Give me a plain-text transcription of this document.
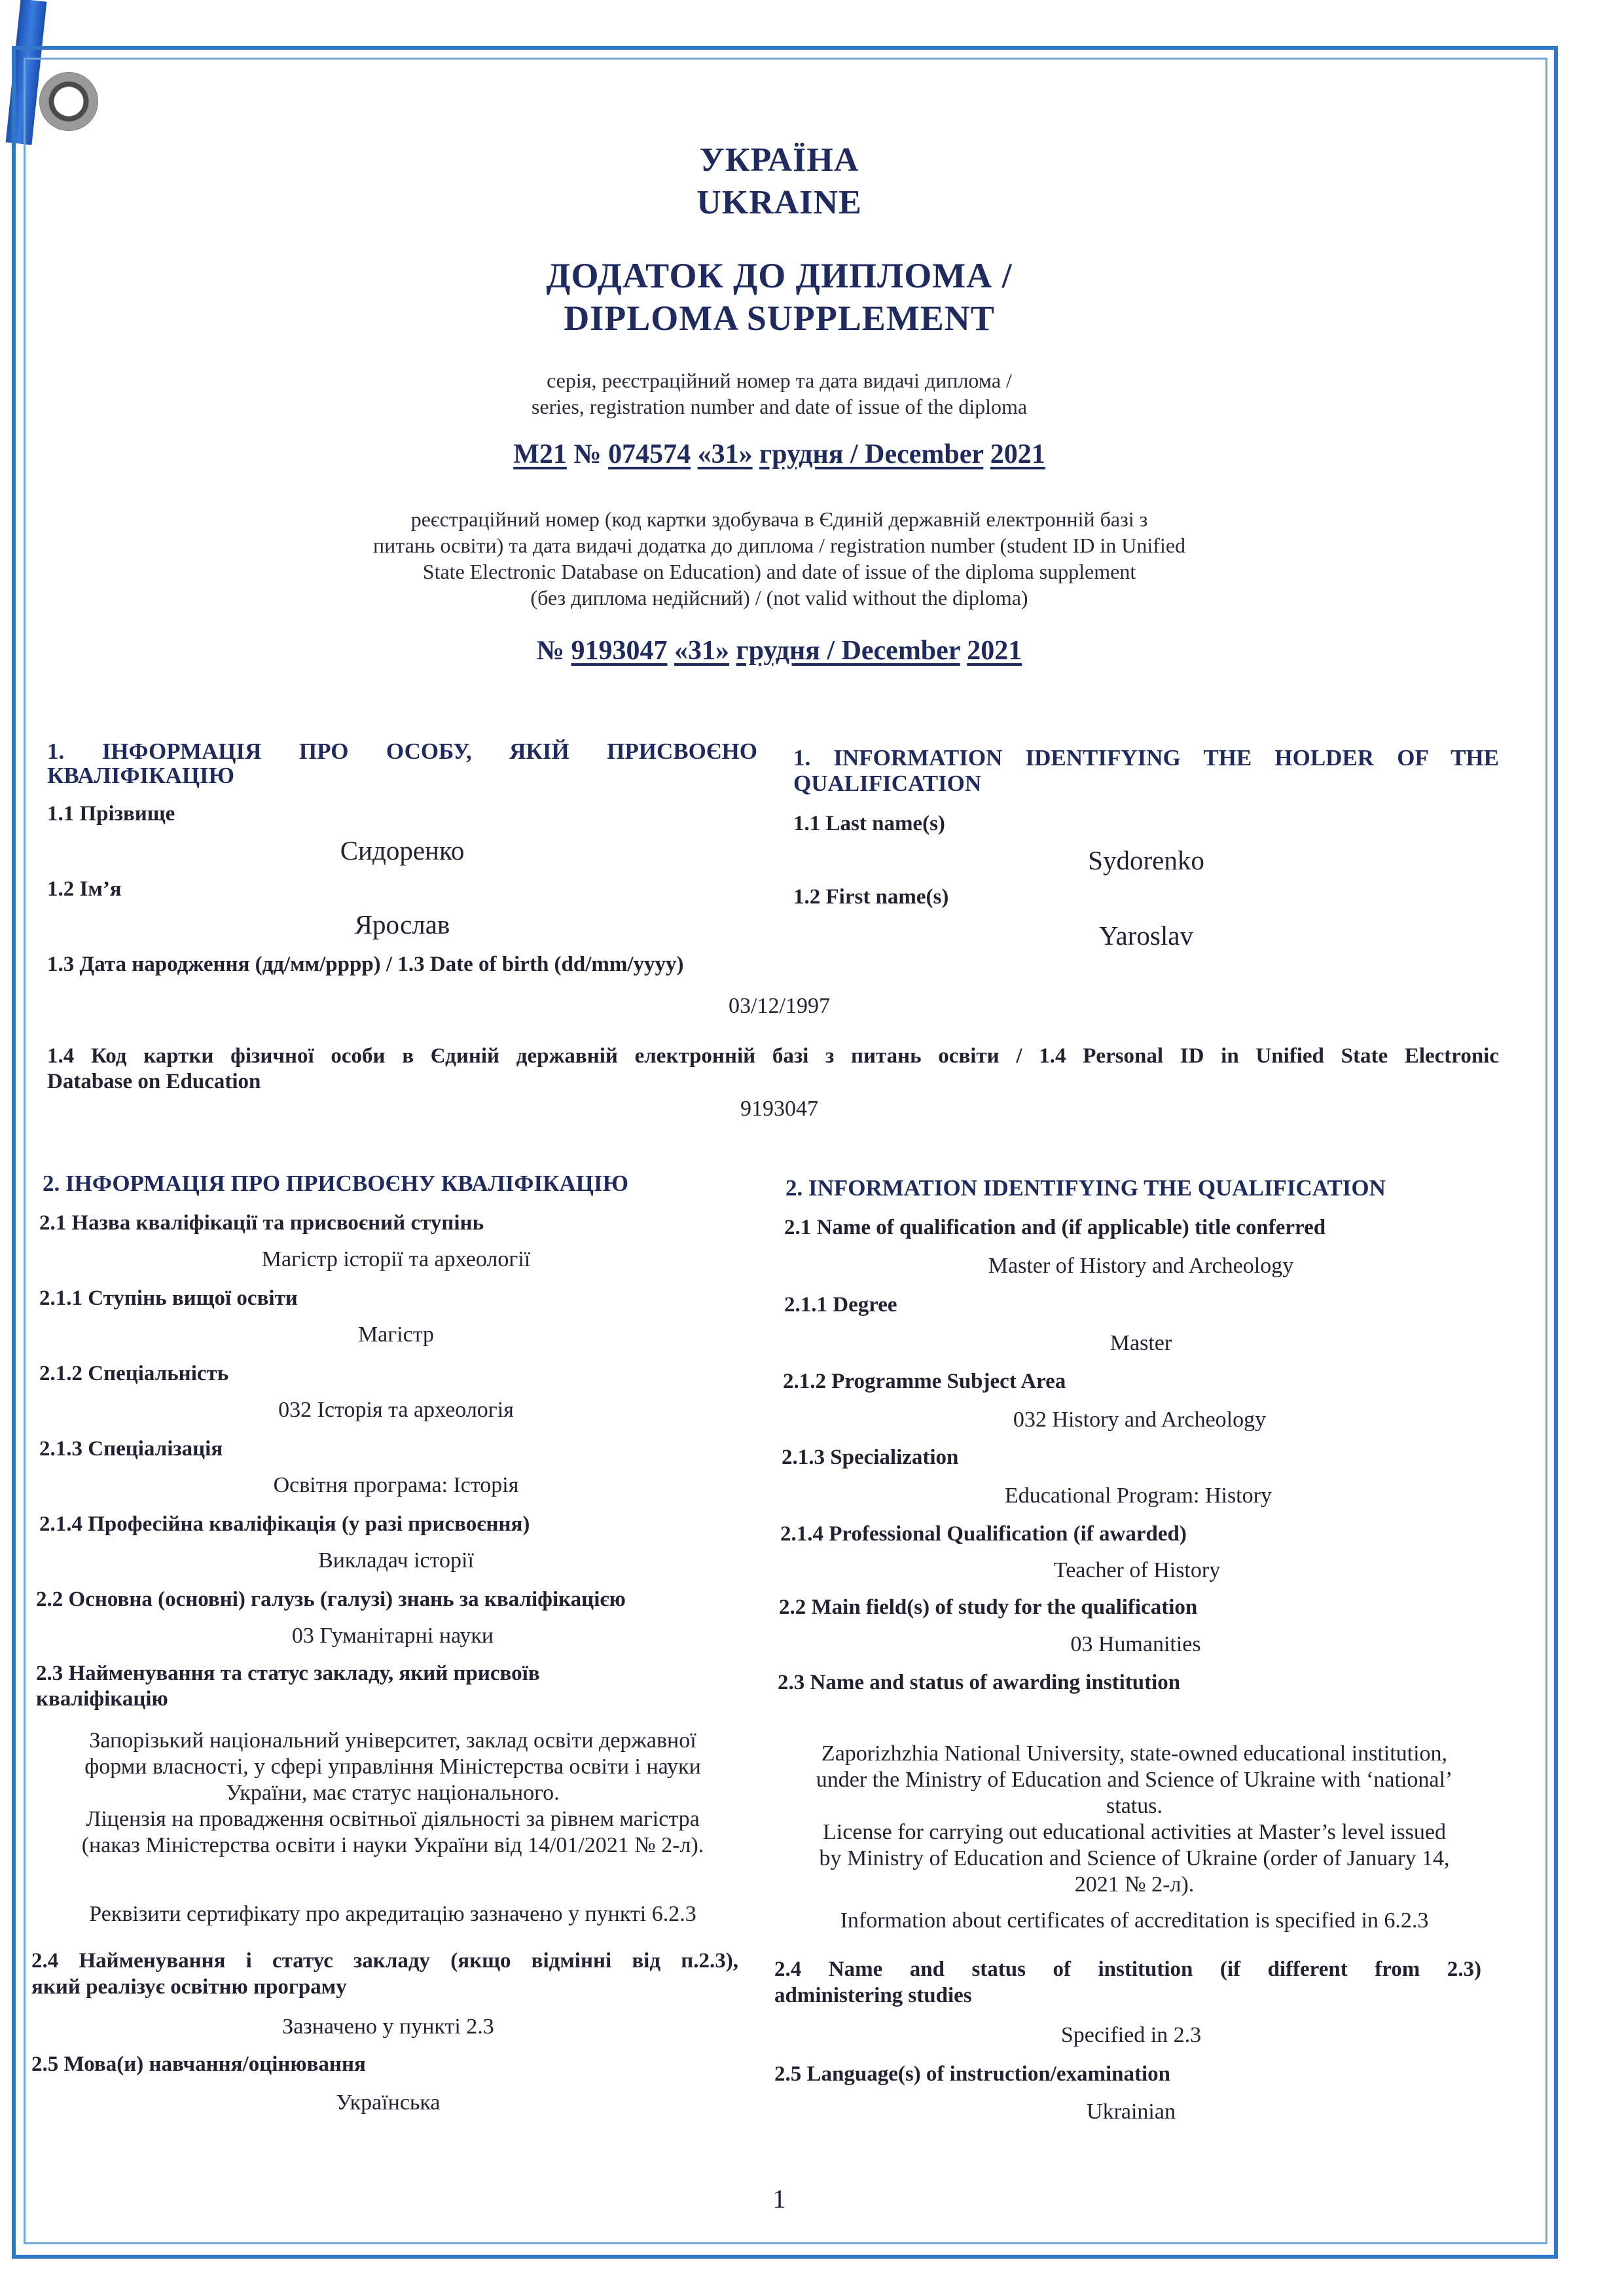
УКРАЇНА
UKRAINE
ДОДАТОК ДО ДИПЛОМА /
DIPLOMA SUPPLEMENT
серія, реєстраційний номер та дата видачі диплома /
series, registration number and date of issue of the diploma
М21 № 074574 «31» грудня / December 2021
реєстраційний номер (код картки здобувача в Єдиній державній електронній базі з
питань освіти) та дата видачі додатка до диплома / registration number (student ID in Unified
State Electronic Database on Education) and date of issue of the diploma supplement
(без диплома недійсний) / (not valid without the diploma)
№ 9193047 «31» грудня / December 2021
1. ІНФОРМАЦІЯ ПРО ОСОБУ, ЯКІЙ ПРИСВОЄНО
КВАЛІФІКАЦІЮ
1. INFORMATION IDENTIFYING THE HOLDER OF THE
QUALIFICATION
1.1 Прізвище
Сидоренко
1.1 Last name(s)
Sydorenko
1.2 Ім’я
Ярослав
1.2 First name(s)
Yaroslav
1.3 Дата народження (дд/мм/рррр) / 1.3 Date of birth (dd/mm/yyyy)
03/12/1997
1.4 Код картки фізичної особи в Єдиній державній електронній базі з питань освіти / 1.4 Personal ID in Unified State Electronic
Database on Education
9193047
2. ІНФОРМАЦІЯ ПРО ПРИСВОЄНУ КВАЛІФІКАЦІЮ
2.1 Назва кваліфікації та присвоєний ступінь
Магістр історії та археології
2.1.1 Ступінь вищої освіти
Магістр
2.1.2 Спеціальність
032 Історія та археологія
2.1.3 Спеціалізація
Освітня програма: Історія
2.1.4 Професійна кваліфікація (у разі присвоєння)
Викладач історії
2.2 Основна (основні) галузь (галузі) знань за кваліфікацією
03 Гуманітарні науки
2.3 Найменування та статус закладу, який присвоїв
кваліфікацію
Запорізький національний університет, заклад освіти державної
форми власності, у сфері управління Міністерства освіти і науки
України, має статус національного.
Ліцензія на провадження освітньої діяльності за рівнем магістра
(наказ Міністерства освіти і науки України від 14/01/2021 № 2-л).
Реквізити сертифікату про акредитацію зазначено у пункті 6.2.3
2.4 Найменування і статус закладу (якщо відмінні від п.2.3),
який реалізує освітню програму
Зазначено у пункті 2.3
2.5 Мова(и) навчання/оцінювання
Українська
2. INFORMATION IDENTIFYING THE QUALIFICATION
2.1 Name of qualification and (if applicable) title conferred
Master of History and Archeology
2.1.1 Degree
Master
2.1.2 Programme Subject Area
032 History and Archeology
2.1.3 Specialization
Educational Program: History
2.1.4 Professional Qualification (if awarded)
Teacher of History
2.2 Main field(s) of study for the qualification
03 Humanities
2.3 Name and status of awarding institution
Zaporizhzhia National University, state-owned educational institution,
under the Ministry of Education and Science of Ukraine with ‘national’
status.
License for carrying out educational activities at Master’s level issued
by Ministry of Education and Science of Ukraine (order of January 14,
2021 № 2-л).
Information about certificates of accreditation is specified in 6.2.3
2.4 Name and status of institution (if different from 2.3)
administering studies
Specified in 2.3
2.5 Language(s) of instruction/examination
Ukrainian
1
